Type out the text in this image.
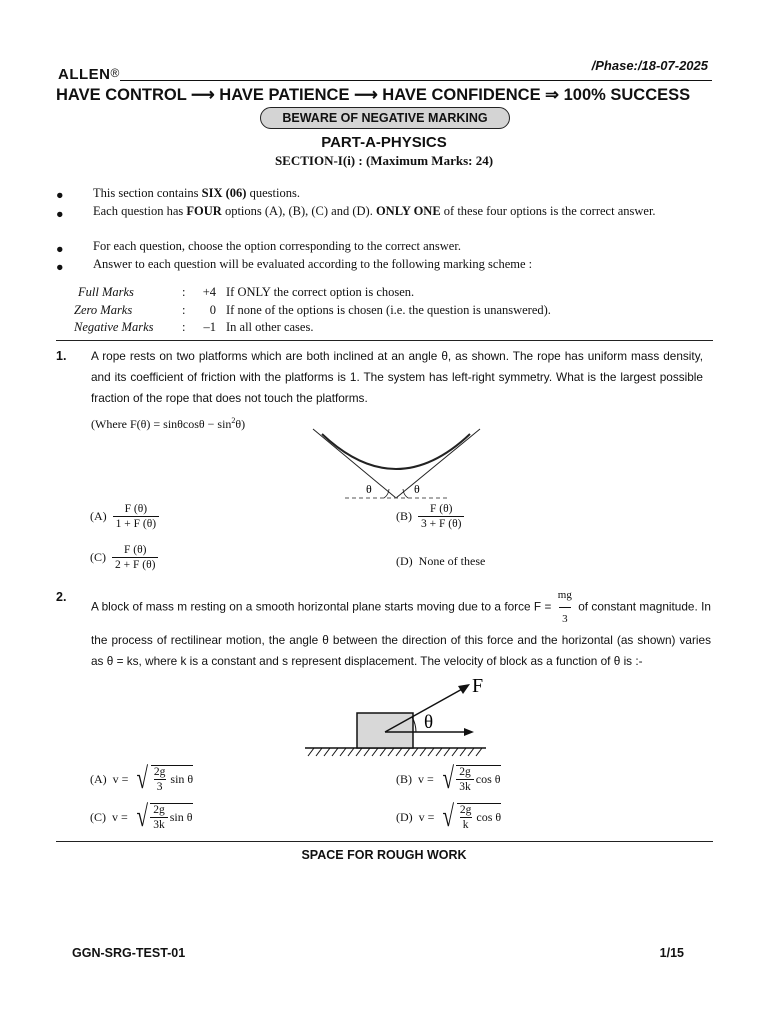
/Phase:/18-07-2025
ALLEN®
HAVE CONTROL ⟶ HAVE PATIENCE ⟶ HAVE CONFIDENCE ⇒ 100% SUCCESS
BEWARE OF NEGATIVE MARKING
PART-A-PHYSICS
SECTION-I(i) : (Maximum Marks: 24)
● This section contains SIX (06) questions.
● Each question has FOUR options (A), (B), (C) and (D). ONLY ONE of these four options is the correct answer.
● For each question, choose the option corresponding to the correct answer.
● Answer to each question will be evaluated according to the following marking scheme :
Full Marks	:	+4 If ONLY the correct option is chosen.
Zero Marks	:	0 If none of the options is chosen (i.e. the question is unanswered).
Negative Marks :	–1 In all other cases.
1. A rope rests on two platforms which are both inclined at an angle θ, as shown. The rope has uniform mass density, and its coefficient of friction with the platforms is 1. The system has left-right symmetry. What is the largest possible fraction of the rope that does not touch the platforms.
(Where $F(\theta) = \sin\theta\cos\theta - \sin^2\theta$)
θ	θ
$(A) \frac{F (\theta)}{1 + F (\theta)}$	$(B) \frac{F (\theta)}{3 + F (\theta)}$
$(C) \frac{F (\theta)}{2 + F (\theta)}$	(D) None of these
2.
A block of mass m resting on a smooth horizontal plane starts moving due to a force $F = \frac{mg}{3}$ of constant magnitude. In the process of rectilinear motion, the angle θ between the direction of this force and the horizontal (as shown) varies as θ = ks, where k is a constant and s represent displacement. The velocity of block as a function of θ is :-
F
θ
(A) v = √ $\frac{2g}{3}$ sin θ	(B) v = √ $\frac{2g}{3k}$ cos θ
(C) v = √ $\frac{2g}{3k}$ sin θ	(D) v = √ $\frac{2g}{k}$ cos θ
SPACE FOR ROUGH WORK
GGN-SRG-TEST-01	1/15
